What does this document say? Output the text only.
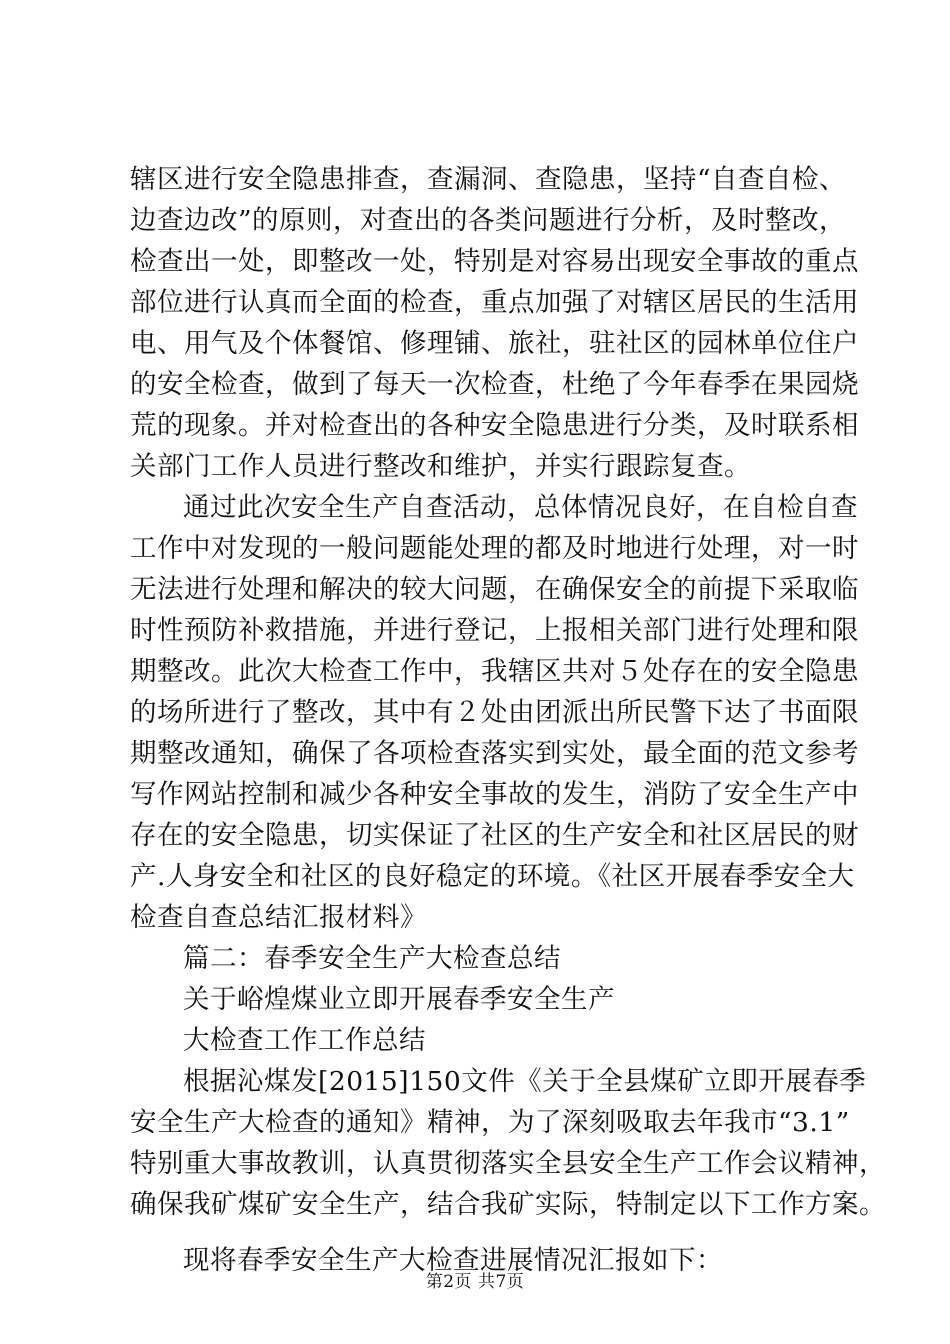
辖区进行安全隐患排查，查漏洞、查隐患，坚持“自查自检、
边查边改”的原则，对查出的各类问题进行分析，及时整改，
检查出一处，即整改一处，特别是对容易出现安全事故的重点
部位进行认真而全面的检查，重点加强了对辖区居民的生活用
电、用气及个体餐馆、修理铺、旅社，驻社区的园林单位住户
的安全检查，做到了每天一次检查，杜绝了今年春季在果园烧
荒的现象。并对检查出的各种安全隐患进行分类，及时联系相
关部门工作人员进行整改和维护，并实行跟踪复查。
通过此次安全生产自查活动，总体情况良好，在自检自查
工作中对发现的一般问题能处理的都及时地进行处理，对一时
无法进行处理和解决的较大问题，在确保安全的前提下采取临
时性预防补救措施，并进行登记，上报相关部门进行处理和限
期整改。此次大检查工作中，我辖区共对５处存在的安全隐患
的场所进行了整改，其中有２处由团派出所民警下达了书面限
期整改通知，确保了各项检查落实到实处，最全面的范文参考
写作网站控制和减少各种安全事故的发生，消防了安全生产中
存在的安全隐患，切实保证了社区的生产安全和社区居民的财
产.人身安全和社区的良好稳定的环境。《社区开展春季安全大
检查自查总结汇报材料》
篇二：春季安全生产大检查总结
关于峪煌煤业立即开展春季安全生产
大检查工作工作总结
根据沁煤发[2015]150文件《关于全县煤矿立即开展春季
安全生产大检查的通知》精神，为了深刻吸取去年我市“3.1”
特别重大事故教训，认真贯彻落实全县安全生产工作会议精神，
确保我矿煤矿安全生产，结合我矿实际，特制定以下工作方案。
现将春季安全生产大检查进展情况汇报如下：
第2页 共7页
